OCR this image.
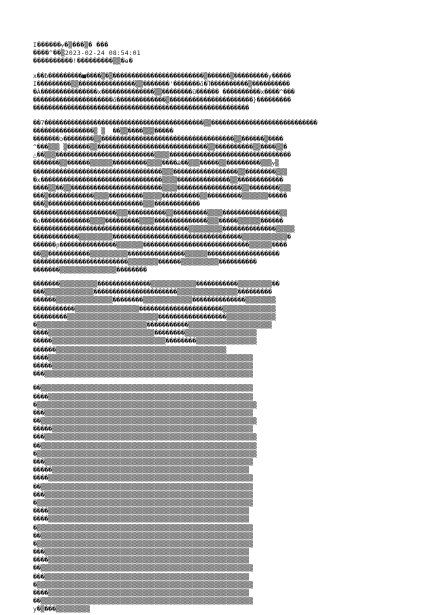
I������ɏ�▒���▒� ���
����^��▒2023-02-24 08:54:01
����������!���������▒▒�ɵ�
x��ɓ���������■����▒�▒������������������������▒������▒���������y�����
I���������▒▒���������������▒▒�������'�������ő�Ⴈ����������▒����������
�À���������������x��������������▒▒��������ű������ ����������x����^���
���������������������ő�������������▒����������������������}���������
���������������������������������������������������������
��7������������������������������������������▒▒����������������������������
����������������▒ ▒  ��▒▒����▒▒▒�����
�������ɔ��������▒▒�����������������������������������▒▒������▒����
^���▒▒▒ ▒������▒▒�����������������������������▒▒����������▒▒����▒▒�
△��▒▒▒��������������������������▒▒▒▒��������������������������������
�������▒▒������▒▒▒▒▒▒���������▒▒▒▒����ǽ��▒▒▒�����▒▒���������▒▒▒ɏ▒
����������������������������������▒▒▒�����������������▒▒��������▒▒▒
�x��������������������������������▒▒▒▒��������������▒▒������������
����▒▒��▒▒������������������������▒▒▒▒�����������������▒▒��������▒▒▒
���▒������������▒▒▒▒���������▒▒▒▒▒����������▒▒���������▒▒▒▒▒▒▒�����
���▒�������������������������▒▒▒������������
����������������������▒▒▒����������▒▒���������▒▒▒▒���������������▒▒
�o�������������▒▒▒▒���������▒▒▒▒��������������▒▒▒�����▒▒▒▒▒▒������
�����������������������������������������▒▒▒▒▒▒▒▒▒��������������▒▒▒▒▒
������������▒▒▒▒▒▒▒▒▒����������������������������������▒▒▒▒▒▒▒▒▒▒▒▒�
������ɲ���������������▒▒▒▒▒▒▒����������������������������▒▒▒▒▒▒����
��▒▒�����������▒▒▒▒▒▒▒▒▒▒���������������▒▒▒▒▒▒�������������������
�������������������������▒▒▒▒▒▒▒▒������▒▒▒▒▒▒▒▒▒▒����������
�������▒▒▒▒▒▒▒▒▒▒▒▒▒▒▒��������
�������▒▒▒▒▒▒▒▒▒▒��������������▒▒▒▒▒▒▒▒▒▒▒▒�����������▒▒▒▒▒▒▒▒▒��
���▒▒▒▒▒▒▒▒▒▒▒▒▒����������������������▒▒▒▒▒▒▒▒▒▒▒▒▒▒▒▒���������
������▒▒▒▒▒▒▒▒▒▒▒▒▒▒▒��������▒▒▒▒▒▒▒▒▒▒▒▒▒��������������▒▒▒▒▒▒▒▒
�����������▒▒▒▒▒▒▒▒▒▒▒▒▒▒▒▒▒����������������������▒▒▒▒▒▒▒▒▒▒▒▒▒▒
���������▒▒▒▒▒▒▒▒▒▒▒▒▒▒▒▒▒▒▒▒▒▒▒▒������������������▒▒▒▒▒▒▒▒▒▒▒▒▒
�▒▒▒▒▒▒▒▒▒▒▒▒▒▒▒▒▒▒▒▒▒▒▒▒▒▒▒▒▒�����������▒▒▒▒▒▒▒▒▒▒▒▒▒▒▒▒▒▒▒▒▒▒
����▒▒▒▒▒▒▒▒▒▒▒▒▒▒▒▒▒▒▒▒▒▒▒▒▒▒▒▒��������▒▒▒▒▒▒▒▒▒▒▒▒▒▒▒▒▒▒▒
�����▒▒▒▒▒▒▒▒▒▒▒▒▒▒▒▒▒▒▒▒▒▒▒▒▒▒▒▒▒▒��������▒▒▒▒▒▒▒▒▒▒▒▒▒▒▒▒
������▒▒▒▒▒▒▒▒▒▒▒▒▒▒▒▒▒▒▒▒▒▒▒▒▒▒▒▒▒▒▒▒▒▒▒▒▒▒▒▒▒▒▒▒▒
����▒▒▒▒▒▒▒▒▒▒▒▒▒▒▒▒▒▒▒▒▒▒▒▒▒▒▒▒▒▒▒▒▒▒▒▒▒▒▒▒▒▒▒▒▒▒▒▒▒▒▒▒▒▒
�����▒▒▒▒▒▒▒▒▒▒▒▒▒▒▒▒▒▒▒▒▒▒▒▒▒▒▒▒▒▒▒▒▒▒▒▒▒▒▒▒▒▒▒▒▒▒▒▒▒▒▒▒▒
���▒▒▒▒▒▒▒▒▒▒▒▒▒▒▒▒▒▒▒▒▒▒▒▒▒▒▒▒▒▒▒▒▒▒▒▒▒▒▒▒▒▒▒▒▒▒▒▒▒▒▒▒▒▒▒
��▒▒▒▒▒▒▒▒▒▒▒▒▒▒▒▒▒▒▒▒▒▒▒▒▒▒▒▒▒▒▒▒▒▒▒▒▒▒▒▒▒▒▒▒▒▒▒▒▒▒▒▒▒▒▒▒
����▒▒▒▒▒▒▒▒▒▒▒▒▒▒▒▒▒▒▒▒▒▒▒▒▒▒▒▒▒▒▒▒▒▒▒▒▒▒▒▒▒▒▒▒▒▒▒▒▒▒▒▒▒▒
�▒▒▒▒▒▒▒▒▒▒▒▒▒▒▒▒▒▒▒▒▒▒▒▒▒▒▒▒▒▒▒▒▒▒▒▒▒▒▒▒▒▒▒▒▒▒▒▒▒▒▒▒▒▒▒▒▒▒
���▒▒▒▒▒▒▒▒▒▒▒▒▒▒▒▒▒▒▒▒▒▒▒▒▒▒▒▒▒▒▒▒▒▒▒▒▒▒▒▒▒▒▒▒▒▒▒▒▒▒▒▒▒▒▒
��▒▒▒▒▒▒▒▒▒▒▒▒▒▒▒▒▒▒▒▒▒▒▒▒▒▒▒▒▒▒▒▒▒▒▒▒▒▒▒▒▒▒▒▒▒▒▒▒▒▒▒▒▒▒▒▒▒
�����▒▒▒▒▒▒▒▒▒▒▒▒▒▒▒▒▒▒▒▒▒▒▒▒▒▒▒▒▒▒▒▒▒▒▒▒▒▒▒▒▒▒▒▒▒▒▒▒▒▒▒▒▒
���▒▒▒▒▒▒▒▒▒▒▒▒▒▒▒▒▒▒▒▒▒▒▒▒▒▒▒▒▒▒▒▒▒▒▒▒▒▒▒▒▒▒▒▒▒▒▒▒▒▒▒▒▒▒▒▒
��▒▒▒▒▒▒▒▒▒▒▒▒▒▒▒▒▒▒▒▒▒▒▒▒▒▒▒▒▒▒▒▒▒▒▒▒▒▒▒▒▒▒▒▒▒▒▒▒▒▒▒▒▒▒▒▒▒
�▒▒▒▒▒▒▒▒▒▒▒▒▒▒▒▒▒▒▒▒▒▒▒▒▒▒▒▒▒▒▒▒▒▒▒▒▒▒▒▒▒▒▒▒▒▒▒▒▒▒▒▒▒▒▒▒▒▒
���▒▒▒▒▒▒▒▒▒▒▒▒▒▒▒▒▒▒▒▒▒▒▒▒▒▒▒▒▒▒▒▒▒▒▒▒▒▒▒▒▒▒▒▒▒▒▒▒▒▒▒▒▒▒▒
�����▒▒▒▒▒▒▒▒▒▒▒▒▒▒▒▒▒▒▒▒▒▒▒▒▒▒▒▒▒▒▒▒▒▒▒▒▒▒▒▒▒▒▒▒▒▒▒▒▒▒▒▒
����▒▒▒▒▒▒▒▒▒▒▒▒▒▒▒▒▒▒▒▒▒▒▒▒▒▒▒▒▒▒▒▒▒▒▒▒▒▒▒▒▒▒▒▒▒▒▒▒▒▒▒▒▒▒
��▒▒▒▒▒▒▒▒▒▒▒▒▒▒▒▒▒▒▒▒▒▒▒▒▒▒▒▒▒▒▒▒▒▒▒▒▒▒▒▒▒▒▒▒▒▒▒▒▒▒▒▒▒▒▒▒
���▒▒▒▒▒▒▒▒▒▒▒▒▒▒▒▒▒▒▒▒▒▒▒▒▒▒▒▒▒▒▒▒▒▒▒▒▒▒▒▒▒▒▒▒▒▒▒▒▒▒▒▒▒▒▒
�▒▒▒▒▒▒▒▒▒▒▒▒▒▒▒▒▒▒▒▒▒▒▒▒▒▒▒▒▒▒▒▒▒▒▒▒▒▒▒▒▒▒▒▒▒▒▒▒▒▒▒▒▒▒▒▒▒
����▒▒▒▒▒▒▒▒▒▒▒▒▒▒▒▒▒▒▒▒▒▒▒▒▒▒▒▒▒▒▒▒▒▒▒▒▒▒▒▒▒▒▒▒▒▒▒▒▒▒▒▒▒
����▒▒▒▒▒▒▒▒▒▒▒▒▒▒▒▒▒▒▒▒▒▒▒▒▒▒▒▒▒▒▒▒▒▒▒▒▒▒▒▒▒▒▒▒▒▒▒▒▒▒▒▒▒
�▒▒▒▒▒▒▒▒▒▒▒▒▒▒▒▒▒▒▒▒▒▒▒▒▒▒▒▒▒▒▒▒▒▒▒▒▒▒▒▒▒▒▒▒▒▒▒▒▒▒▒▒▒▒▒▒▒
��▒▒▒▒▒▒▒▒▒▒▒▒▒▒▒▒▒▒▒▒▒▒▒▒▒▒▒▒▒▒▒▒▒▒▒▒▒▒▒▒▒▒▒▒▒▒▒▒▒▒▒▒▒▒▒▒
�▒▒▒▒▒▒▒▒▒▒▒▒▒▒▒▒▒▒▒▒▒▒▒▒▒▒▒▒▒▒▒▒▒▒▒▒▒▒▒▒▒▒▒▒▒▒▒▒▒▒▒▒▒▒▒▒▒
���▒▒▒▒▒▒▒▒▒▒▒▒▒▒▒▒▒▒▒▒▒▒▒▒▒▒▒▒▒▒▒▒▒▒▒▒▒▒▒▒▒▒▒▒▒▒▒▒▒▒▒▒▒▒
����▒▒▒▒▒▒▒▒▒▒▒▒▒▒▒▒▒▒▒▒▒▒▒▒▒▒▒▒▒▒▒▒▒▒▒▒▒▒▒▒▒▒▒▒▒▒▒▒▒▒▒▒▒
��▒▒▒▒▒▒▒▒▒▒▒▒▒▒▒▒▒▒▒▒▒▒▒▒▒▒▒▒▒▒▒▒▒▒▒▒▒▒▒▒▒▒▒▒▒▒▒▒▒▒▒▒▒▒▒▒
���▒▒▒▒▒▒▒▒▒▒▒▒▒▒▒▒▒▒▒▒▒▒▒▒▒▒▒▒▒▒▒▒▒▒▒▒▒▒▒▒▒▒▒▒▒▒▒▒▒▒▒▒▒▒
�▒▒▒▒▒▒▒▒▒▒▒▒▒▒▒▒▒▒▒▒▒▒▒▒▒▒▒▒▒▒▒▒▒▒▒▒▒▒▒▒▒▒▒▒▒▒▒▒▒▒▒▒▒▒▒▒▒
����▒▒▒▒▒▒▒▒▒▒▒▒▒▒▒▒▒▒▒▒▒▒▒▒▒▒▒▒▒▒▒▒▒▒▒▒▒▒▒▒▒▒▒▒▒▒▒▒▒▒▒▒▒
��▒▒▒▒▒▒▒▒▒▒▒▒▒▒▒▒▒▒▒▒▒▒▒▒▒▒▒▒▒▒▒▒▒▒▒▒▒▒▒▒▒▒▒▒▒▒▒▒▒▒▒▒▒▒▒▒
y�▒���▒▒▒▒▒▒▒▒▒
